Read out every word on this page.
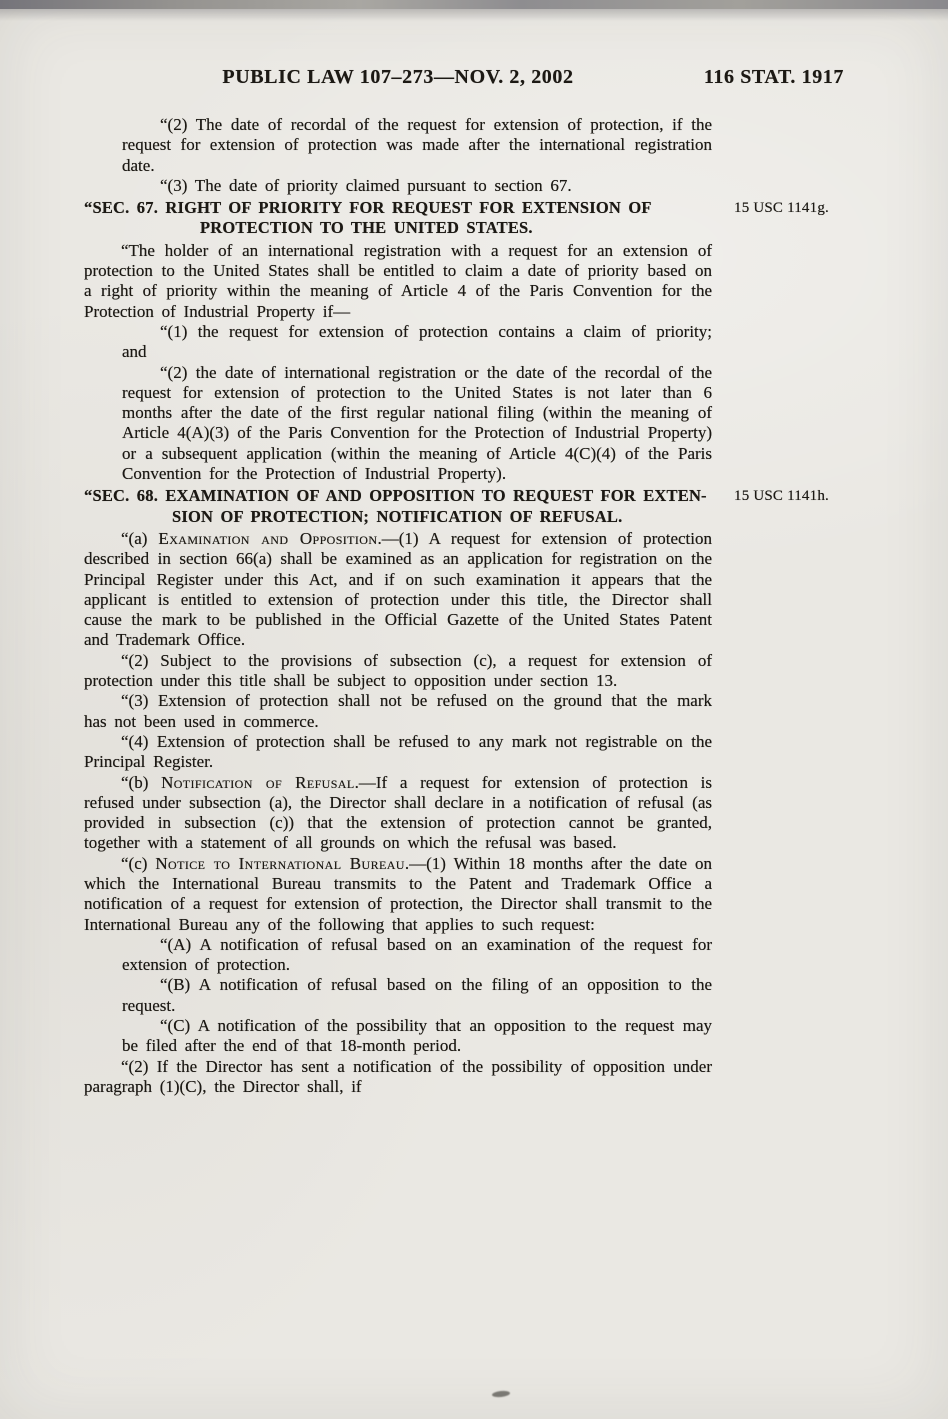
PUBLIC LAW 107–273—NOV. 2, 2002	116 STAT. 1917

“(2) The date of recordal of the request for extension of protection, if the request for extension of protection was made after the international registration date.

“(3) The date of priority claimed pursuant to section 67.

“SEC. 67. RIGHT OF PRIORITY FOR REQUEST FOR EXTENSION OF
PROTECTION TO THE UNITED STATES.
15 USC 1141g.

“The holder of an international registration with a request for an extension of protection to the United States shall be entitled to claim a date of priority based on a right of priority within the meaning of Article 4 of the Paris Convention for the Protection of Industrial Property if—

“(1) the request for extension of protection contains a claim of priority; and

“(2) the date of international registration or the date of the recordal of the request for extension of protection to the United States is not later than 6 months after the date of the first regular national filing (within the meaning of Article 4(A)(3) of the Paris Convention for the Protection of Industrial Property) or a subsequent application (within the meaning of Article 4(C)(4) of the Paris Convention for the Protection of Industrial Property).

“SEC. 68. EXAMINATION OF AND OPPOSITION TO REQUEST FOR EXTEN-
SION OF PROTECTION; NOTIFICATION OF REFUSAL.
15 USC 1141h.

“(a) Examination and Opposition.—(1) A request for extension of protection described in section 66(a) shall be examined as an application for registration on the Principal Register under this Act, and if on such examination it appears that the applicant is entitled to extension of protection under this title, the Director shall cause the mark to be published in the Official Gazette of the United States Patent and Trademark Office.

“(2) Subject to the provisions of subsection (c), a request for extension of protection under this title shall be subject to opposition under section 13.

“(3) Extension of protection shall not be refused on the ground that the mark has not been used in commerce.

“(4) Extension of protection shall be refused to any mark not registrable on the Principal Register.

“(b) Notification of Refusal.—If a request for extension of protection is refused under subsection (a), the Director shall declare in a notification of refusal (as provided in subsection (c)) that the extension of protection cannot be granted, together with a statement of all grounds on which the refusal was based.

“(c) Notice to International Bureau.—(1) Within 18 months after the date on which the International Bureau transmits to the Patent and Trademark Office a notification of a request for extension of protection, the Director shall transmit to the International Bureau any of the following that applies to such request:

“(A) A notification of refusal based on an examination of the request for extension of protection.

“(B) A notification of refusal based on the filing of an opposition to the request.

“(C) A notification of the possibility that an opposition to the request may be filed after the end of that 18-month period.

“(2) If the Director has sent a notification of the possibility of opposition under paragraph (1)(C), the Director shall, if
